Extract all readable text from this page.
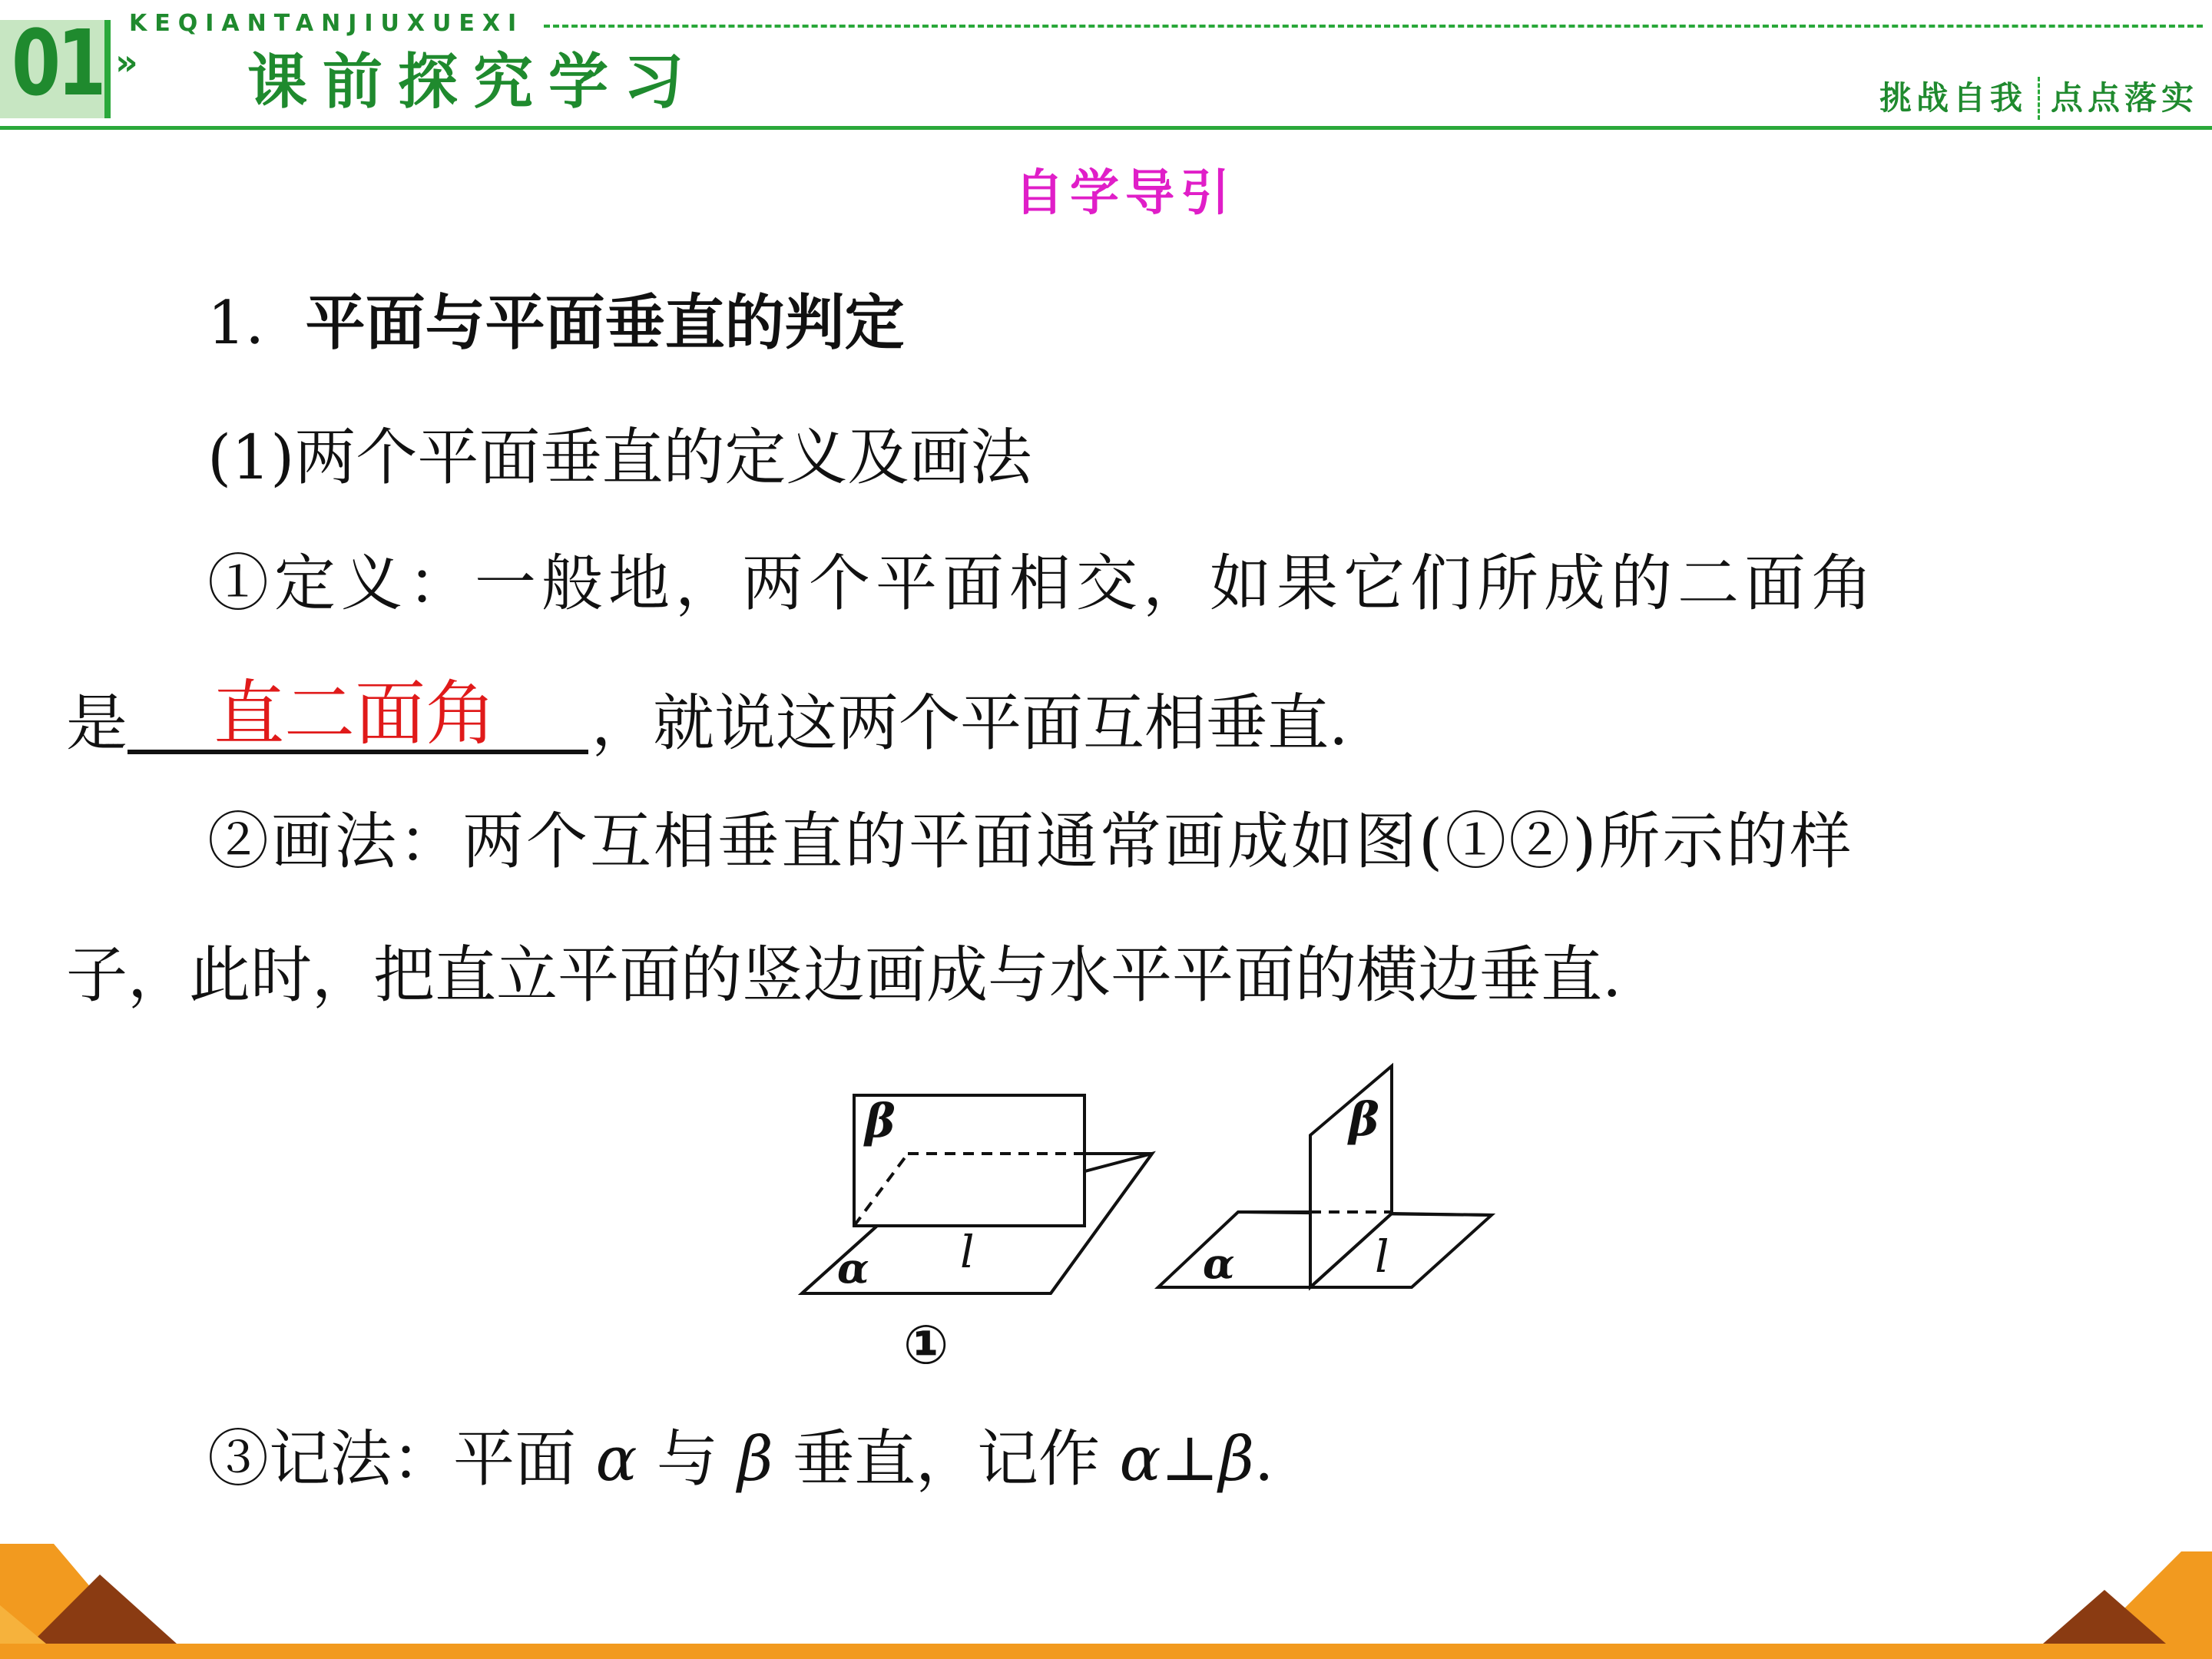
01 KEQIANTANJIUXUEXI
» 课前探究学习	挑战自我 点点落实
自学导引
1．平面与平面垂直的判定
(1)两个平面垂直的定义及画法
①定义：一般地，两个平面相交，如果它们所成的二面角
是 直二面角 ，就说这两个平面互相垂直.
②画法：两个互相垂直的平面通常画成如图(①②)所示的样
子，此时，把直立平面的竖边画成与水平平面的横边垂直.
β
α l
β
α	l
①
③记法：平面 α 与 β 垂直，记作 α⊥β.
